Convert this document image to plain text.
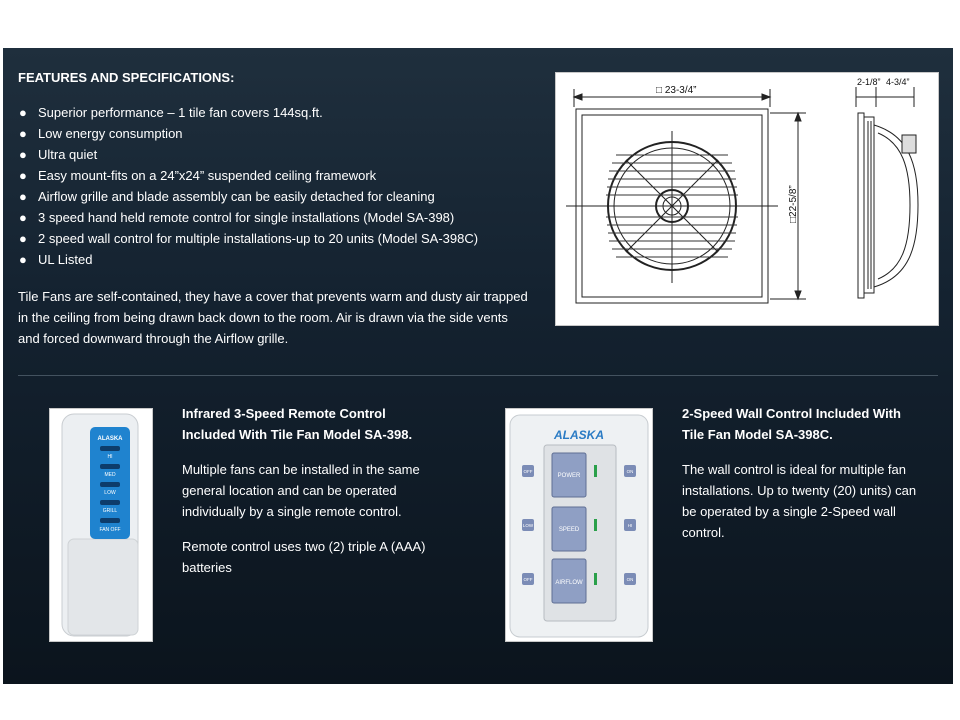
FEATURES AND SPECIFICATIONS:
● Superior performance – 1 tile fan covers 144sq.ft.
● Low energy consumption
● Ultra quiet
● Easy mount-fits on a 24”x24” suspended ceiling framework
● Airflow grille and blade assembly can be easily detached for cleaning
● 3 speed hand held remote control for single installations (Model SA-398)
● 2 speed wall control for multiple installations-up to 20 units (Model SA-398C)
● UL Listed
Tile Fans are self-contained, they have a cover that prevents warm and dusty air trapped in the ceiling from being drawn back down to the room. Air is drawn via the side vents and forced downward through the Airflow grille.
□ 23-3/4”
□22-5/8”
2-1/8” 4-3/4”
ALASKA
HI
MED
LOW
GRILL
FAN OFF
Infrared 3-Speed Remote Control
Included With Tile Fan Model SA-398.
Multiple fans can be installed in the same
general location and can be operated
individually by a single remote control.
Remote control uses two (2) triple A (AAA)
batteries
ALASKA
POWER
SPEED
AIRFLOW
OFF
LOW
OFF
ON
HI
ON
2-Speed Wall Control Included With
Tile Fan Model SA-398C.
The wall control is ideal for multiple fan
installations. Up to twenty (20) units) can
be operated by a single 2-Speed wall
control.
